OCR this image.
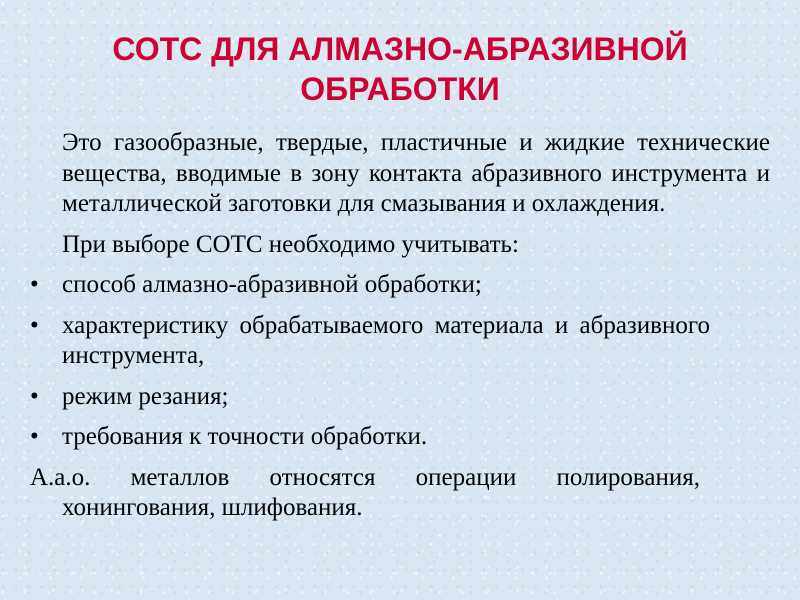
СОТС ДЛЯ АЛМАЗНО-АБРАЗИВНОЙ
ОБРАБОТКИ

Это газообразные, твердые, пластичные и жидкие технические вещества, вводимые в зону контакта абразивного инструмента и металлической заготовки для смазывания и охлаждения.

При выборе СОТС необходимо учитывать:

• способ алмазно-абразивной обработки;
• характеристику обрабатываемого материала и абразивного инструмента,
• режим резания;
• требования к точности обработки.

А.а.о. металлов относятся операции полирования, хонингования, шлифования.
